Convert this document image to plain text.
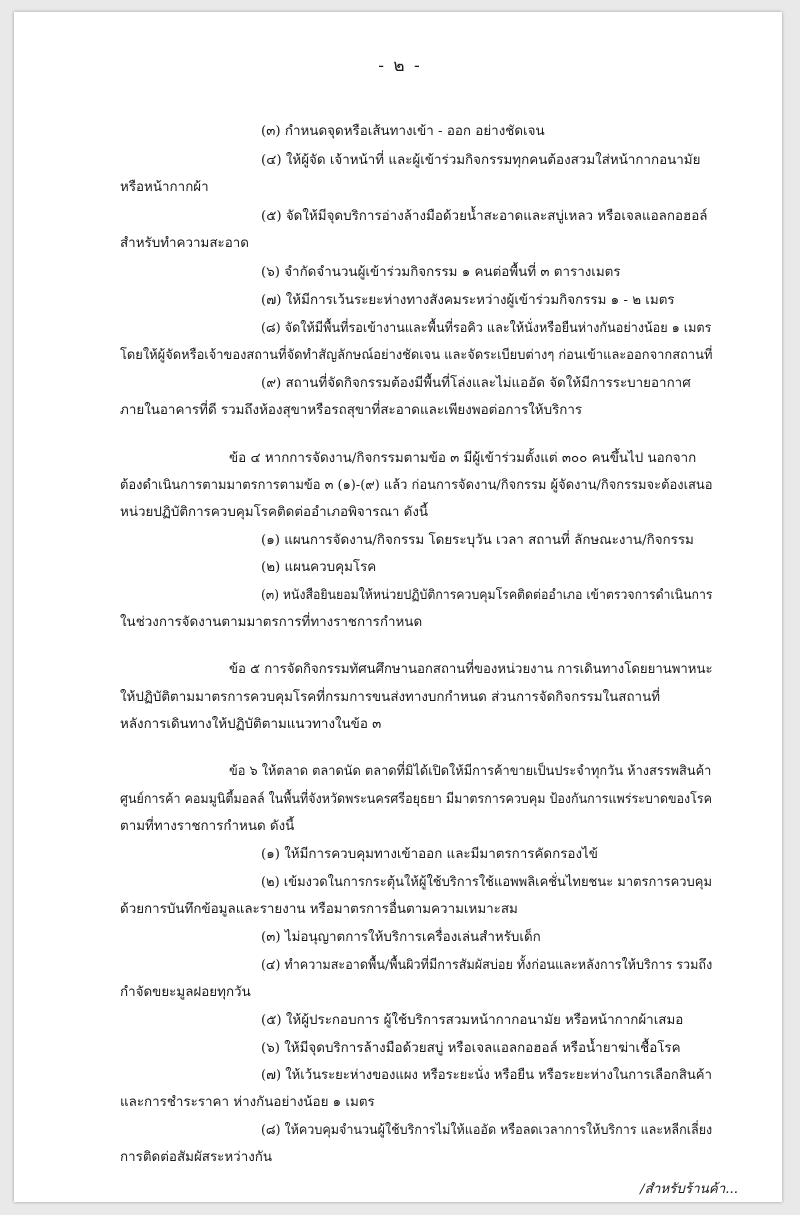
- ๒ -
(๓) กำหนดจุดหรือเส้นทางเข้า - ออก อย่างชัดเจน
(๔) ให้ผู้จัด เจ้าหน้าที่ และผู้เข้าร่วมกิจกรรมทุกคนต้องสวมใส่หน้ากากอนามัย
หรือหน้ากากผ้า
(๕) จัดให้มีจุดบริการอ่างล้างมือด้วยน้ำสะอาดและสบู่เหลว หรือเจลแอลกอฮอล์
สำหรับทำความสะอาด
(๖) จำกัดจำนวนผู้เข้าร่วมกิจกรรม ๑ คนต่อพื้นที่ ๓ ตารางเมตร
(๗) ให้มีการเว้นระยะห่างทางสังคมระหว่างผู้เข้าร่วมกิจกรรม ๑ - ๒ เมตร
(๘) จัดให้มีพื้นที่รอเข้างานและพื้นที่รอคิว และให้นั่งหรือยืนห่างกันอย่างน้อย ๑ เมตร
โดยให้ผู้จัดหรือเจ้าของสถานที่จัดทำสัญลักษณ์อย่างชัดเจน และจัดระเบียบต่างๆ ก่อนเข้าและออกจากสถานที่
(๙) สถานที่จัดกิจกรรมต้องมีพื้นที่โล่งและไม่แออัด จัดให้มีการระบายอากาศ
ภายในอาคารที่ดี รวมถึงห้องสุขาหรือรถสุขาที่สะอาดและเพียงพอต่อการให้บริการ
ข้อ ๔ หากการจัดงาน/กิจกรรมตามข้อ ๓ มีผู้เข้าร่วมตั้งแต่ ๓๐๐ คนขึ้นไป นอกจาก
ต้องดำเนินการตามมาตรการตามข้อ ๓ (๑)-(๙) แล้ว ก่อนการจัดงาน/กิจกรรม ผู้จัดงาน/กิจกรรมจะต้องเสนอ
หน่วยปฏิบัติการควบคุมโรคติดต่ออำเภอพิจารณา ดังนี้
(๑) แผนการจัดงาน/กิจกรรม โดยระบุวัน เวลา สถานที่ ลักษณะงาน/กิจกรรม
(๒) แผนควบคุมโรค
(๓) หนังสือยินยอมให้หน่วยปฏิบัติการควบคุมโรคติดต่ออำเภอ เข้าตรวจการดำเนินการ
ในช่วงการจัดงานตามมาตรการที่ทางราชการกำหนด
ข้อ ๕ การจัดกิจกรรมทัศนศึกษานอกสถานที่ของหน่วยงาน การเดินทางโดยยานพาหนะ
ให้ปฏิบัติตามมาตรการควบคุมโรคที่กรมการขนส่งทางบกกำหนด ส่วนการจัดกิจกรรมในสถานที่
หลังการเดินทางให้ปฏิบัติตามแนวทางในข้อ ๓
ข้อ ๖ ให้ตลาด ตลาดนัด ตลาดที่มิได้เปิดให้มีการค้าขายเป็นประจำทุกวัน ห้างสรรพสินค้า
ศูนย์การค้า คอมมูนิตี้มอลล์ ในพื้นที่จังหวัดพระนครศรีอยุธยา มีมาตรการควบคุม ป้องกันการแพร่ระบาดของโรค
ตามที่ทางราชการกำหนด ดังนี้
(๑) ให้มีการควบคุมทางเข้าออก และมีมาตรการคัดกรองไข้
(๒) เข้มงวดในการกระตุ้นให้ผู้ใช้บริการใช้แอพพลิเคชั่นไทยชนะ มาตรการควบคุม
ด้วยการบันทึกข้อมูลและรายงาน หรือมาตรการอื่นตามความเหมาะสม
(๓) ไม่อนุญาตการให้บริการเครื่องเล่นสำหรับเด็ก
(๔) ทำความสะอาดพื้น/พื้นผิวที่มีการสัมผัสบ่อย ทั้งก่อนและหลังการให้บริการ รวมถึง
กำจัดขยะมูลฝอยทุกวัน
(๕) ให้ผู้ประกอบการ ผู้ใช้บริการสวมหน้ากากอนามัย หรือหน้ากากผ้าเสมอ
(๖) ให้มีจุดบริการล้างมือด้วยสบู่ หรือเจลแอลกอฮอล์ หรือน้ำยาฆ่าเชื้อโรค
(๗) ให้เว้นระยะห่างของแผง หรือระยะนั่ง หรือยืน หรือระยะห่างในการเลือกสินค้า
และการชำระราคา ห่างกันอย่างน้อย ๑ เมตร
(๘) ให้ควบคุมจำนวนผู้ใช้บริการไม่ให้แออัด หรือลดเวลาการให้บริการ และหลีกเลี่ยง
การติดต่อสัมผัสระหว่างกัน
/สำหรับร้านค้า...
